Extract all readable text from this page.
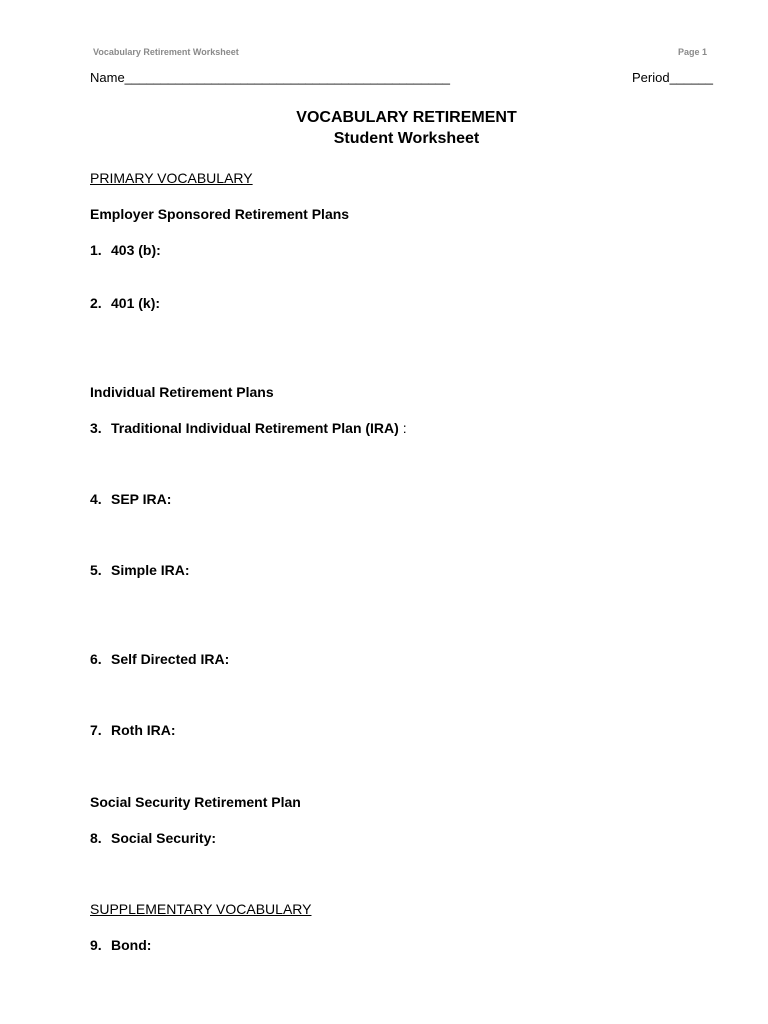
Vocabulary Retirement Worksheet	Page 1
Name_____________________________________________	Period______
VOCABULARY RETIREMENT
Student Worksheet
PRIMARY VOCABULARY
Employer Sponsored Retirement Plans
1. 403 (b):
2. 401 (k):
Individual Retirement Plans
3. Traditional Individual Retirement Plan (IRA) :
4. SEP IRA:
5. Simple IRA:
6. Self Directed IRA:
7. Roth IRA:
Social Security Retirement Plan
8. Social Security:
SUPPLEMENTARY VOCABULARY
9. Bond:
